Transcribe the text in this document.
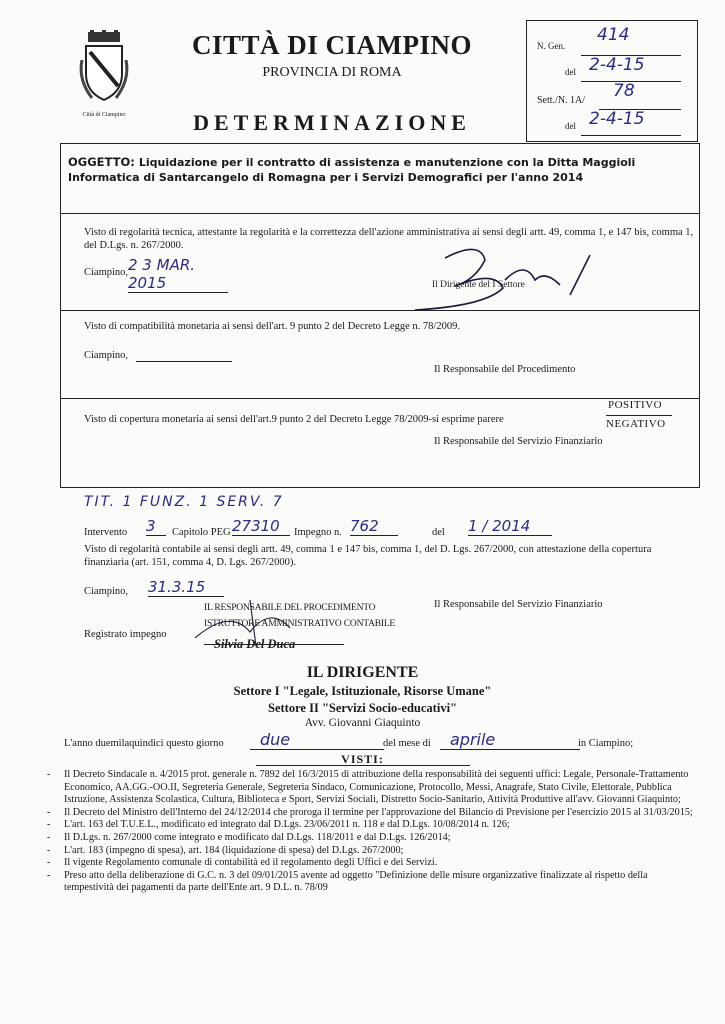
Città di Ciampino
CITTÀ DI CIAMPINO
PROVINCIA DI ROMA
DETERMINAZIONE
N. Gen.
414
del 2-4-15
Sett./N. 1A/ 78
del 2-4-15
OGGETTO: Liquidazione per il contratto di assistenza e manutenzione con la Ditta Maggioli Informatica di Santarcangelo di Romagna per i Servizi Demografici per l'anno 2014
Visto di regolarità tecnica, attestante la regolarità e la correttezza dell'azione amministrativa ai sensi degli artt. 49, comma 1, e 147 bis, comma 1, del D.Lgs. n. 267/2000.
Ciampino, 2 3 MAR. 2015	Il Dirigente del I Settore
Visto di compatibilità monetaria ai sensi dell'art. 9 punto 2 del Decreto Legge n. 78/2009.
Ciampino,
Il Responsabile del Procedimento
Visto di copertura monetaria ai sensi dell'art.9 punto 2 del Decreto Legge 78/2009-si esprime parere
POSITIVO
NEGATIVO
Il Responsabile del Servizio Finanziario
TIT. 1 FUNZ. 1 SERV. 7
Intervento 3	Capitolo PEG 27310	Impegno n. 762	del 1 / 2014
Visto di regolarità contabile ai sensi degli artt. 49, comma 1 e 147 bis, comma 1, del D. Lgs. 267/2000, con attestazione della copertura finanziaria (art. 151, comma 4, D. Lgs. 267/2000).
Ciampino, 31.3.15
Il Responsabile del Servizio Finanziario
IL RESPONSABILE DEL PROCEDIMENTO
ISTRUTTORE AMMINISTRATIVO CONTABILE
Silvia Del Duca
Registrato impegno
IL DIRIGENTE
Settore I "Legale, Istituzionale, Risorse Umane"
Settore II "Servizi Socio-educativi"
Avv. Giovanni Giaquinto
L'anno duemilaquindici questo giorno	due	del mese di	aprile	in Ciampino;
VISTI:
- Il Decreto Sindacale n. 4/2015 prot. generale n. 7892 del 16/3/2015 di attribuzione della responsabilità dei seguenti uffici: Legale, Personale-Trattamento Economico, AA.GG.-OO.II, Segreteria Generale, Segreteria Sindaco, Comunicazione, Protocollo, Messi, Anagrafe, Stato Civile, Elettorale, Pubblica Istruzione, Assistenza Scolastica, Cultura, Biblioteca e Sport, Servizi Sociali, Distretto Socio-Sanitario, Attività Produttive all'avv. Giovanni Giaquinto;
- Il Decreto del Ministro dell'Interno del 24/12/2014 che proroga il termine per l'approvazione del Bilancio di Previsione per l'esercizio 2015 al 31/03/2015;
- L'art. 163 del T.U.E.L., modificato ed integrato dal D.Lgs. 23/06/2011 n. 118 e dal D.Lgs. 10/08/2014 n. 126;
- Il D.Lgs. n. 267/2000 come integrato e modificato dal D.Lgs. 118/2011 e dal D.Lgs. 126/2014;
- L'art. 183 (impegno di spesa), art. 184 (liquidazione di spesa) del D.Lgs. 267/2000;
- Il vigente Regolamento comunale di contabilità ed il regolamento degli Uffici e dei Servizi.
- Preso atto della deliberazione di G.C. n. 3 del 09/01/2015 avente ad oggetto "Definizione delle misure organizzative finalizzate al rispetto della tempestività dei pagamenti da parte dell'Ente art. 9 D.L. n. 78/09
